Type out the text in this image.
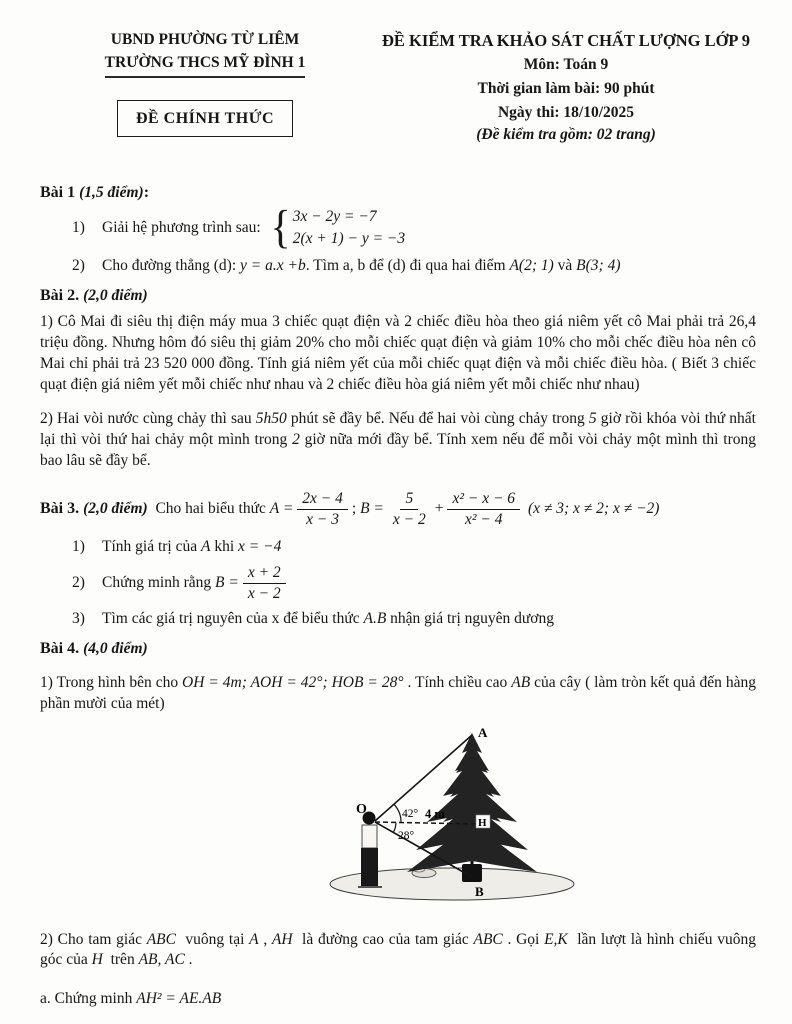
UBND PHƯỜNG TỪ LIÊM
TRƯỜNG THCS MỸ ĐÌNH 1
ĐỀ CHÍNH THỨC
ĐỀ KIỂM TRA KHẢO SÁT CHẤT LƯỢNG LỚP 9
Môn: Toán 9
Thời gian làm bài: 90 phút
Ngày thi: 18/10/2025
(Đề kiểm tra gồm: 02 trang)

Bài 1 (1,5 điểm):

1)	Giải hệ phương trình sau: { 3x − 2y = −7
2(x + 1) − y = −3
2)	Cho đường thẳng (d): y = a.x +b. Tìm a, b để (d) đi qua hai điểm A(2; 1) và B(3; 4)

Bài 2. (2,0 điểm)

1) Cô Mai đi siêu thị điện máy mua 3 chiếc quạt điện và 2 chiếc điều hòa theo giá niêm yết cô Mai phải trả 26,4 triệu đồng. Nhưng hôm đó siêu thị giảm 20% cho mỗi chiếc quạt điện và giảm 10% cho mỗi chếc điều hòa nên cô Mai chỉ phải trả 23 520 000 đồng. Tính giá niêm yết của mỗi chiếc quạt điện và mỗi chiếc điều hòa. ( Biết 3 chiếc quạt điện giá niêm yết mỗi chiếc như nhau và 2 chiếc điều hòa giá niêm yết mỗi chiếc như nhau)

2) Hai vòi nước cùng chảy thì sau 5h50 phút sẽ đầy bể. Nếu để hai vòi cùng chảy trong 5 giờ rồi khóa vòi thứ nhất lại thì vòi thứ hai chảy một mình trong 2 giờ nữa mới đầy bể. Tính xem nếu để mỗi vòi chảy một mình thì trong bao lâu sẽ đầy bể.

Bài 3. (2,0 điểm) Cho hai biểu thức $A = \frac{2x - 4}{x - 3}$ ; $B = \frac{5}{x - 2} + \frac{\text{x² − x − 6}}{\text{x² − 4}} (x \ne 3$; x ≠ 2; x ≠ −2)
1)	Tính giá trị của A khi x = −4
2)	Chứng minh rằng $B = \frac{x + 2}{x - 2}$
3)	Tìm các giá trị nguyên của x để biểu thức A.B nhận giá trị nguyên dương

Bài 4. (4,0 điểm)

1) Trong hình bên cho OH = 4m; AOH = 42°; HOB = 28° . Tính chiều cao AB của cây ( làm tròn kết quả đến hàng phần mười của mét)

O
A
H
B
42°
28°
4 m

2) Cho tam giác ABC  vuông tại A , AH  là đường cao của tam giác ABC . Gọi E,K  lần lượt là hình chiếu vuông góc của H  trên AB, AC .

a. Chứng minh AH² = AE.AB
